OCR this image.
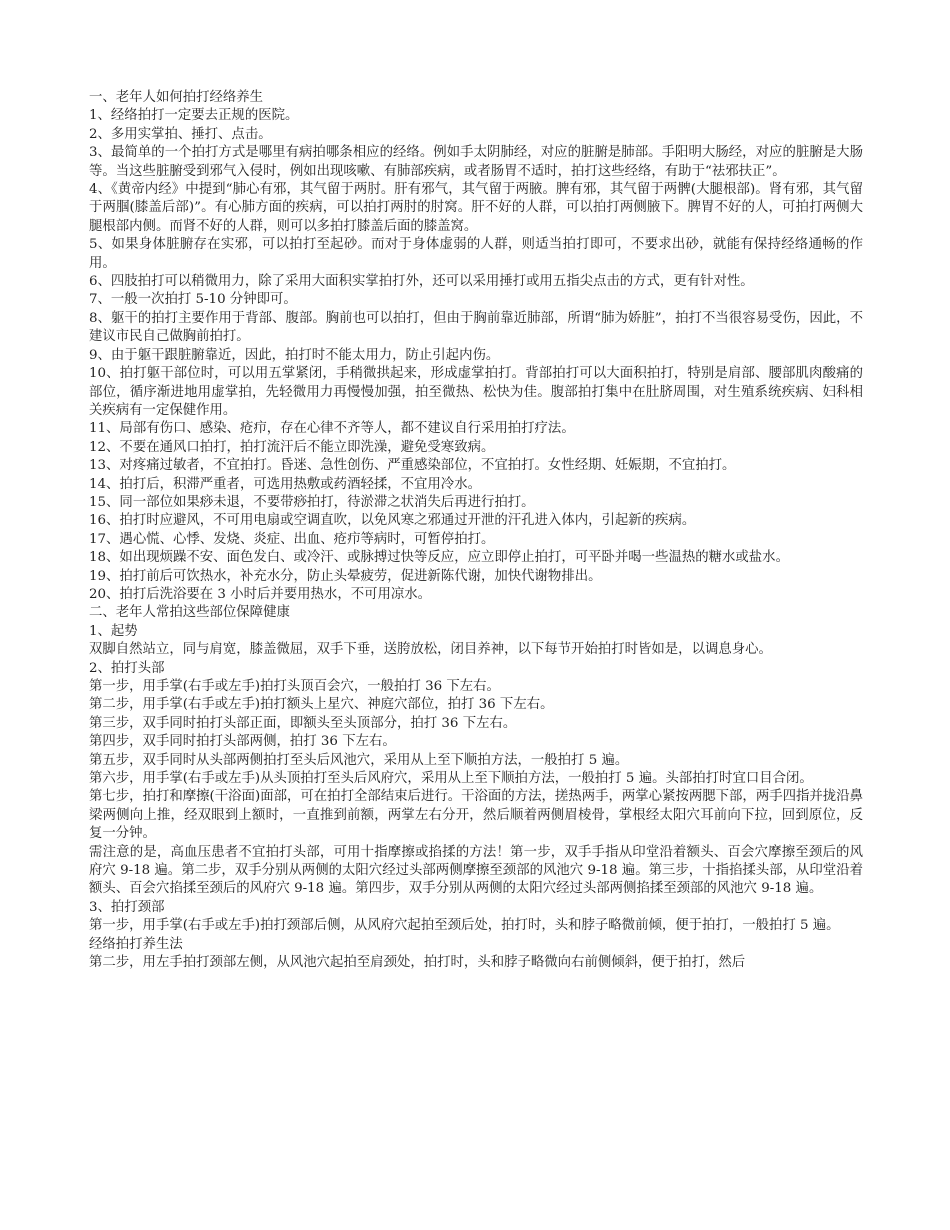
一、老年人如何拍打经络养生

1、经络拍打一定要去正规的医院。

2、多用实掌拍、捶打、点击。

3、最简单的一个拍打方式是哪里有病拍哪条相应的经络。例如手太阴肺经，对应的脏腑是肺部。手阳明大肠经，对应的脏腑是大肠等。当这些脏腑受到邪气入侵时，例如出现咳嗽、有肺部疾病，或者肠胃不适时，拍打这些经络，有助于“祛邪扶正”。

4、《黄帝内经》中提到“肺心有邪，其气留于两肘。肝有邪气，其气留于两腋。脾有邪，其气留于两髀(大腿根部)。肾有邪，其气留于两腘(膝盖后部)”。有心肺方面的疾病，可以拍打两肘的肘窝。肝不好的人群，可以拍打两侧腋下。脾胃不好的人，可拍打两侧大腿根部内侧。而肾不好的人群，则可以多拍打膝盖后面的膝盖窝。

5、如果身体脏腑存在实邪，可以拍打至起砂。而对于身体虚弱的人群，则适当拍打即可，不要求出砂，就能有保持经络通畅的作用。

6、四肢拍打可以稍微用力，除了采用大面积实掌拍打外，还可以采用捶打或用五指尖点击的方式，更有针对性。

7、一般一次拍打 5-10 分钟即可。

8、躯干的拍打主要作用于背部、腹部。胸前也可以拍打，但由于胸前靠近肺部，所谓“肺为娇脏”，拍打不当很容易受伤，因此，不建议市民自己做胸前拍打。

9、由于躯干跟脏腑靠近，因此，拍打时不能太用力，防止引起内伤。

10、拍打躯干部位时，可以用五掌紧闭，手稍微拱起来，形成虚掌拍打。背部拍打可以大面积拍打，特别是肩部、腰部肌肉酸痛的部位，循序渐进地用虚掌拍，先轻微用力再慢慢加强，拍至微热、松快为佳。腹部拍打集中在肚脐周围，对生殖系统疾病、妇科相关疾病有一定保健作用。

11、局部有伤口、感染、疮疖，存在心律不齐等人，都不建议自行采用拍打疗法。

12、不要在通风口拍打，拍打流汗后不能立即洗澡，避免受寒致病。

13、对疼痛过敏者，不宜拍打。昏迷、急性创伤、严重感染部位，不宜拍打。女性经期、妊娠期，不宜拍打。

14、拍打后，积滞严重者，可选用热敷或药酒轻揉，不宜用冷水。

15、同一部位如果痧未退，不要带痧拍打，待淤滞之状消失后再进行拍打。

16、拍打时应避风，不可用电扇或空调直吹，以免风寒之邪通过开泄的汗孔进入体内，引起新的疾病。

17、遇心慌、心悸、发烧、炎症、出血、疮疖等病时，可暂停拍打。

18、如出现烦躁不安、面色发白、或冷汗、或脉搏过快等反应，应立即停止拍打，可平卧并喝一些温热的糖水或盐水。

19、拍打前后可饮热水，补充水分，防止头晕疲劳，促进新陈代谢，加快代谢物排出。

20、拍打后洗浴要在 3 小时后并要用热水，不可用凉水。

二、老年人常拍这些部位保障健康

1、起势

双脚自然站立，同与肩宽，膝盖微屈，双手下垂，送胯放松，闭目养神，以下每节开始拍打时皆如是，以调息身心。

2、拍打头部

第一步，用手掌(右手或左手)拍打头顶百会穴，一般拍打 36 下左右。

第二步，用手掌(右手或左手)拍打额头上星穴、神庭穴部位，拍打 36 下左右。

第三步，双手同时拍打头部正面，即额头至头顶部分，拍打 36 下左右。

第四步，双手同时拍打头部两侧，拍打 36 下左右。

第五步，双手同时从头部两侧拍打至头后风池穴，采用从上至下顺拍方法，一般拍打 5 遍。

第六步，用手掌(右手或左手)从头顶拍打至头后风府穴，采用从上至下顺拍方法，一般拍打 5 遍。头部拍打时宜口目合闭。

第七步，拍打和摩擦(干浴面)面部，可在拍打全部结束后进行。干浴面的方法，搓热两手，两掌心紧按两腮下部，两手四指并拢沿鼻梁两侧向上推，经双眼到上额时，一直推到前额，两掌左右分开，然后顺着两侧眉棱骨，掌根经太阳穴耳前向下拉，回到原位，反复一分钟。

需注意的是，高血压患者不宜拍打头部，可用十指摩擦或掐揉的方法！第一步，双手手指从印堂沿着额头、百会穴摩擦至颈后的风府穴 9-18 遍。第二步，双手分别从两侧的太阳穴经过头部两侧摩擦至颈部的风池穴 9-18 遍。第三步，十指掐揉头部，从印堂沿着额头、百会穴掐揉至颈后的风府穴 9-18 遍。第四步，双手分别从两侧的太阳穴经过头部两侧掐揉至颈部的风池穴 9-18 遍。

3、拍打颈部

第一步，用手掌(右手或左手)拍打颈部后侧，从风府穴起拍至颈后处，拍打时，头和脖子略微前倾，便于拍打，一般拍打 5 遍。

经络拍打养生法

第二步，用左手拍打颈部左侧，从风池穴起拍至肩颈处，拍打时，头和脖子略微向右前侧倾斜，便于拍打，然后
